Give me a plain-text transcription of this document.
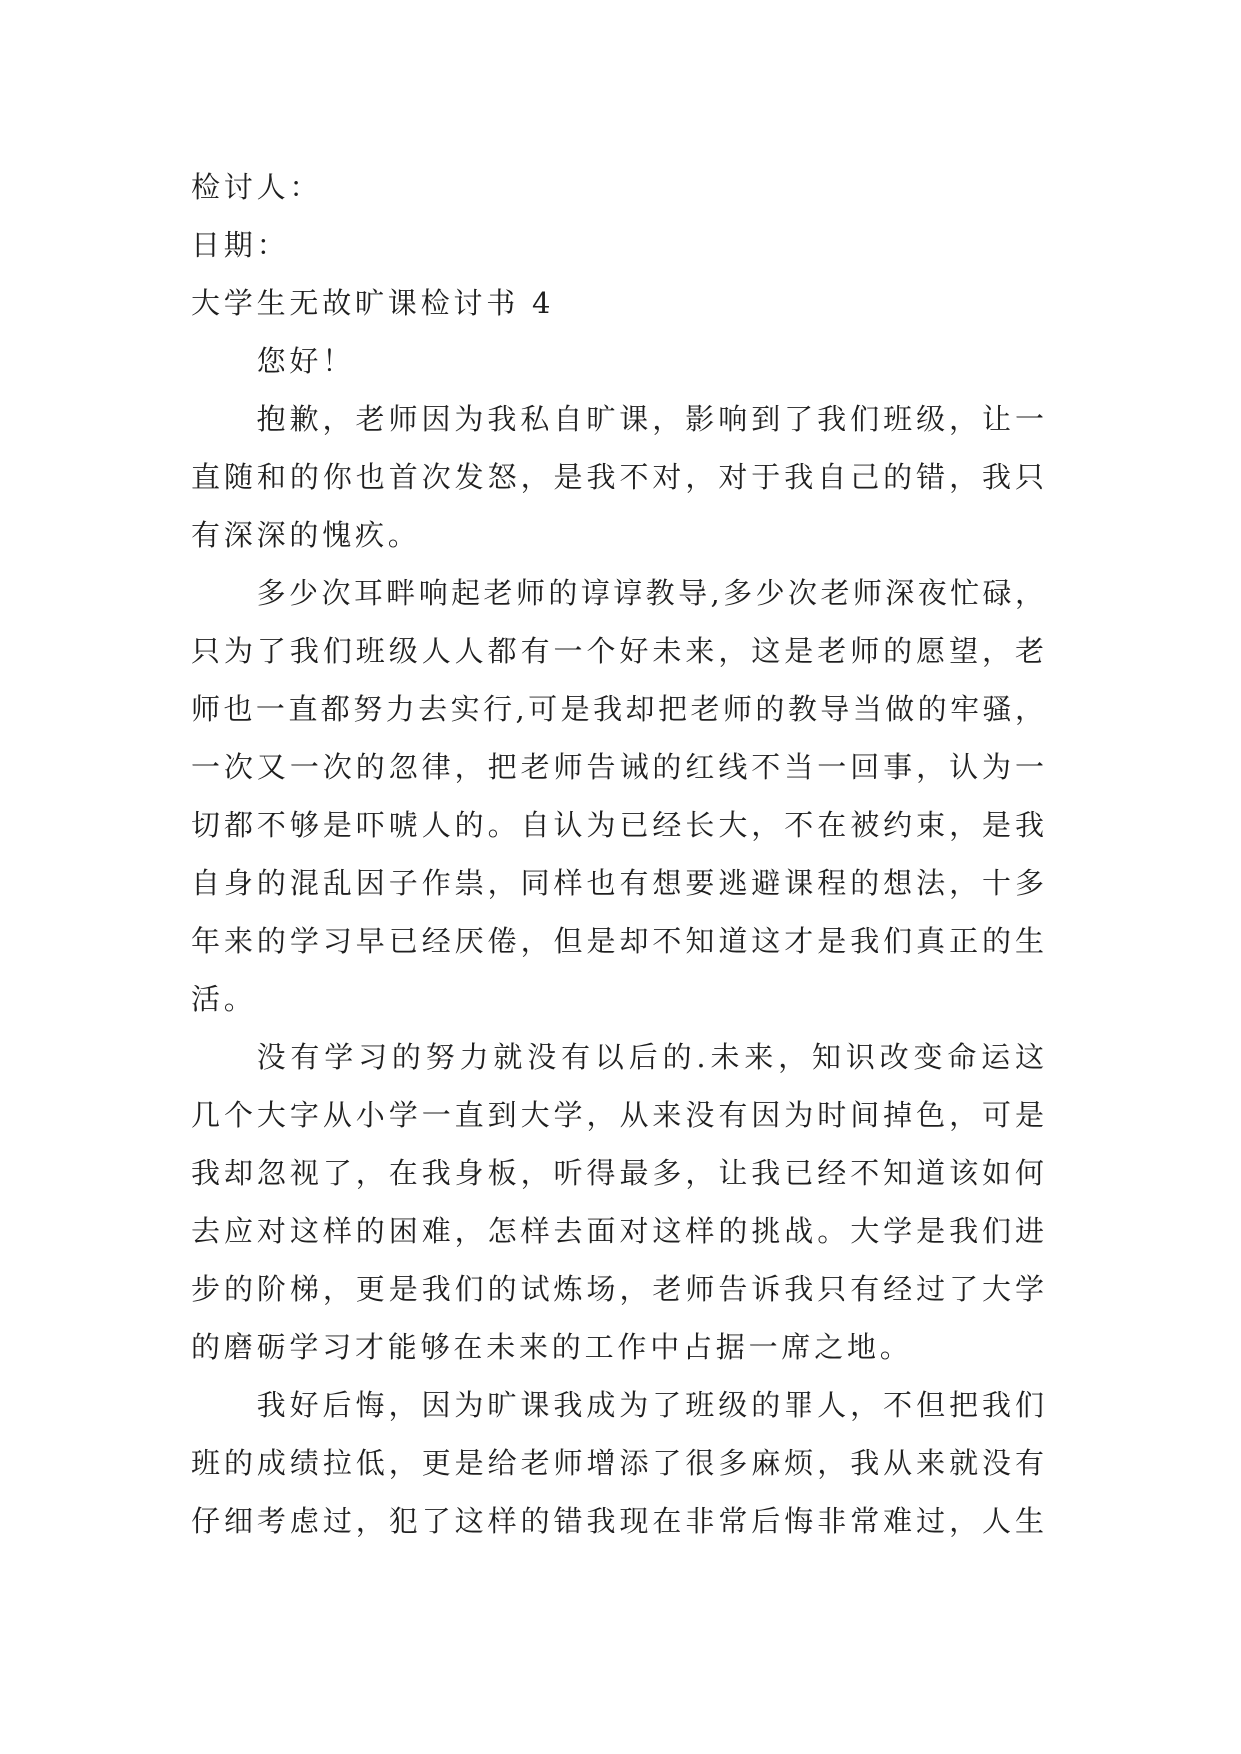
检讨人：
日期：
大学生无故旷课检讨书 4
您好！
抱歉，老师因为我私自旷课，影响到了我们班级，让一
直随和的你也首次发怒，是我不对，对于我自己的错，我只
有深深的愧疚。
多少次耳畔响起老师的谆谆教导,多少次老师深夜忙碌，
只为了我们班级人人都有一个好未来，这是老师的愿望，老
师也一直都努力去实行,可是我却把老师的教导当做的牢骚，
一次又一次的忽律，把老师告诫的红线不当一回事，认为一
切都不够是吓唬人的。自认为已经长大，不在被约束，是我
自身的混乱因子作祟，同样也有想要逃避课程的想法，十多
年来的学习早已经厌倦，但是却不知道这才是我们真正的生
活。
没有学习的努力就没有以后的.未来，知识改变命运这
几个大字从小学一直到大学，从来没有因为时间掉色，可是
我却忽视了，在我身板，听得最多，让我已经不知道该如何
去应对这样的困难，怎样去面对这样的挑战。大学是我们进
步的阶梯，更是我们的试炼场，老师告诉我只有经过了大学
的磨砺学习才能够在未来的工作中占据一席之地。
我好后悔，因为旷课我成为了班级的罪人，不但把我们
班的成绩拉低，更是给老师增添了很多麻烦，我从来就没有
仔细考虑过，犯了这样的错我现在非常后悔非常难过，人生
